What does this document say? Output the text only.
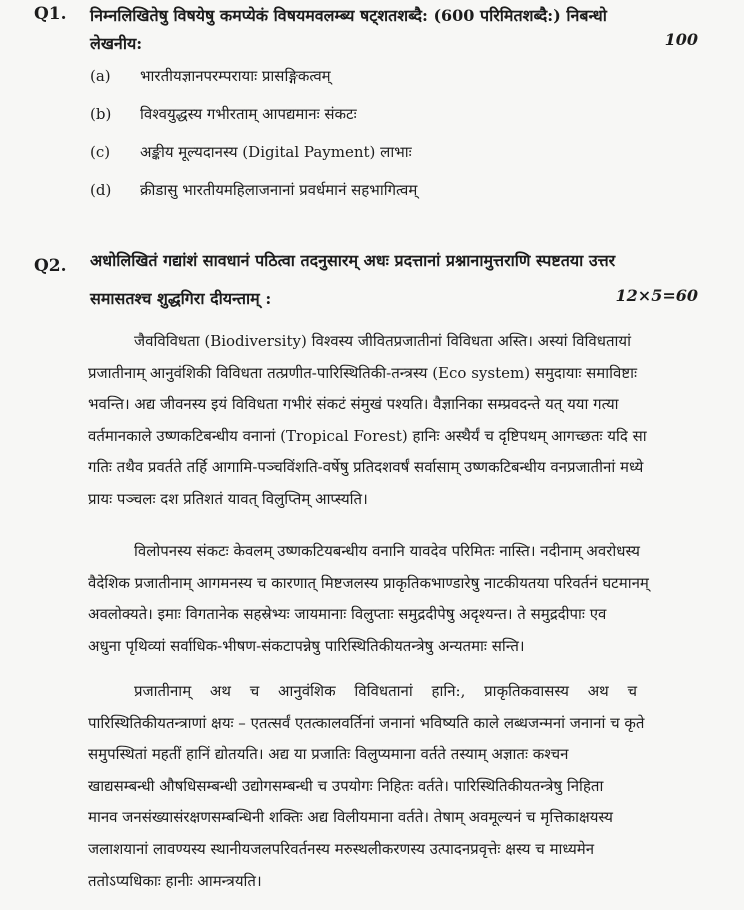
Q1. निम्नलिखितेषु विषयेषु कमप्येकं विषयमवलम्ब्य षट्शतशब्दै: (600 परिमितशब्दै:) निबन्धो
लेखनीय:	100
(a) भारतीयज्ञानपरम्परायाः प्रासङ्गिकत्वम्
(b) विश्वयुद्धस्य गभीरताम् आपद्यमानः संकटः
(c) अङ्कीय मूल्यदानस्य (Digital Payment) लाभाः
(d) क्रीडासु भारतीयमहिलाजनानां प्रवर्धमानं सहभागित्वम्
Q2. अधोलिखितं गद्यांशं सावधानं पठित्वा तदनुसारम् अधः प्रदत्तानां प्रश्नानामुत्तराणि स्पष्टतया उत्तर
समासतश्च शुद्धगिरा दीयन्ताम् :	12×5=60
जैवविविधता (Biodiversity) विश्वस्य जीवितप्रजातीनां विविधता अस्ति। अस्यां विविधतायां
प्रजातीनाम् आनुवंशिकी विविधता तत्प्रणीत-पारिस्थितिकी-तन्त्रस्य (Eco system) समुदायाः समाविष्टाः
भवन्ति। अद्य जीवनस्य इयं विविधता गभीरं संकटं संमुखं पश्यति। वैज्ञानिका सम्प्रवदन्ते यत् यया गत्या
वर्तमानकाले उष्णकटिबन्धीय वनानां (Tropical Forest) हानिः अस्थैर्यं च दृष्टिपथम् आगच्छतः यदि सा
गतिः तथैव प्रवर्तते तर्हि आगामि-पञ्चविंशति-वर्षेषु प्रतिदशवर्षं सर्वासाम् उष्णकटिबन्धीय वनप्रजातीनां मध्ये
प्रायः पञ्चलः दश प्रतिशतं यावत् विलुप्तिम् आप्स्यति।
विलोपनस्य संकटः केवलम् उष्णकटियबन्धीय वनानि यावदेव परिमितः नास्ति। नदीनाम् अवरोधस्य
वैदेशिक प्रजातीनाम् आगमनस्य च कारणात् मिष्टजलस्य प्राकृतिकभाण्डारेषु नाटकीयतया परिवर्तनं घटमानम्
अवलोक्यते। इमाः विगतानेक सहस्रेभ्यः जायमानाः विलुप्ताः समुद्रदीपेषु अदृश्यन्त। ते समुद्रदीपाः एव
अधुना पृथिव्यां सर्वाधिक-भीषण-संकटापन्नेषु पारिस्थितिकीयतन्त्रेषु अन्यतमाः सन्ति।
प्रजातीनाम् अथ च आनुवंशिक विविधतानां हानि:, प्राकृतिकवासस्य अथ च
पारिस्थितिकीयतन्त्राणां क्षयः – एतत्सर्वं एतत्कालवर्तिनां जनानां भविष्यति काले लब्धजन्मनां जनानां च कृते
समुपस्थितां महतीं हानिं द्योतयति। अद्य या प्रजातिः विलुप्यमाना वर्तते तस्याम् अज्ञातः कश्चन
खाद्यसम्बन्धी औषधिसम्बन्धी उद्योगसम्बन्धी च उपयोगः निहितः वर्तते। पारिस्थितिकीयतन्त्रेषु निहिता
मानव जनसंख्यासंरक्षणसम्बन्धिनी शक्तिः अद्य विलीयमाना वर्तते। तेषाम् अवमूल्यनं च मृत्तिकाक्षयस्य
जलाशयानां लावण्यस्य स्थानीयजलपरिवर्तनस्य मरुस्थलीकरणस्य उत्पादनप्रवृत्तेः क्षस्य च माध्यमेन
ततोऽप्यधिकाः हानीः आमन्त्रयति।
